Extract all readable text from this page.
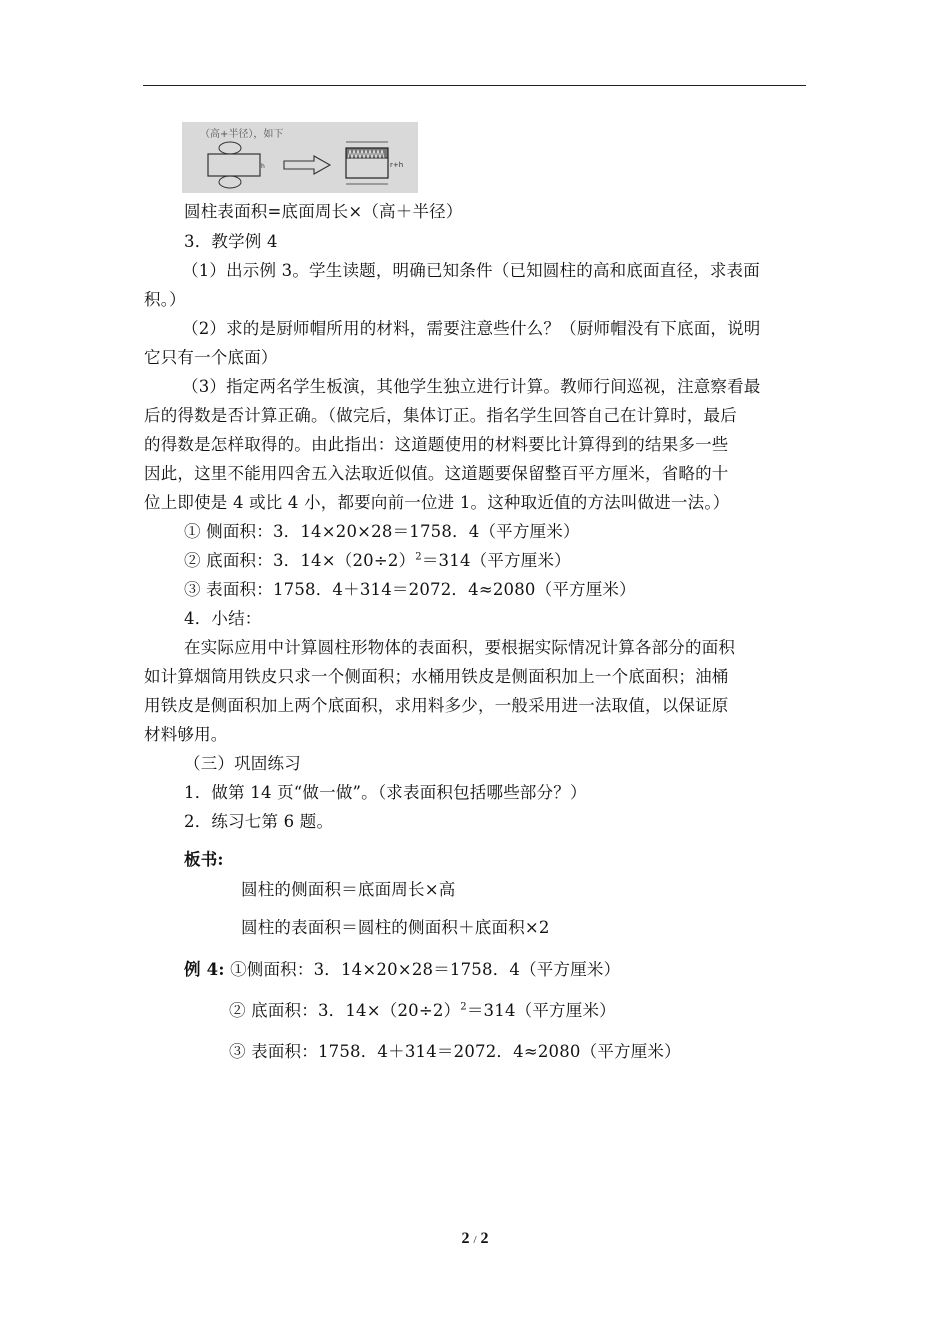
（高+半径），如下
h	r+h
圆柱表面积=底面周长×（高＋半径）
3．教学例 4
（1）出示例 3。学生读题，明确已知条件（已知圆柱的高和底面直径，求表面
积。）
（2）求的是厨师帽所用的材料，需要注意些什么？（厨师帽没有下底面，说明
它只有一个底面）
（3）指定两名学生板演，其他学生独立进行计算。教师行间巡视，注意察看最
后的得数是否计算正确。（做完后，集体订正。指名学生回答自己在计算时，最后
的得数是怎样取得的。由此指出：这道题使用的材料要比计算得到的结果多一些
因此，这里不能用四舍五入法取近似值。这道题要保留整百平方厘米，省略的十
位上即使是 4 或比 4 小，都要向前一位进 1。这种取近值的方法叫做进一法。）
① 侧面积：3．14×20×28＝1758．4（平方厘米）
② 底面积：3．$14\times(20\div 2)^2=314$（平方厘米）
③ 表面积：1758．4＋314＝2072．4≈2080（平方厘米）
4．小结：
在实际应用中计算圆柱形物体的表面积，要根据实际情况计算各部分的面积
如计算烟筒用铁皮只求一个侧面积；水桶用铁皮是侧面积加上一个底面积；油桶
用铁皮是侧面积加上两个底面积，求用料多少，一般采用进一法取值，以保证原
材料够用。
（三）巩固练习
1．做第 14 页“做一做”。（求表面积包括哪些部分？）
2．练习七第 6 题。
板书:
圆柱的侧面积＝底面周长×高
圆柱的表面积＝圆柱的侧面积＋底面积×2
例 4: ①侧面积：3．14×20×28＝1758．4（平方厘米）
② 底面积：3．$14\times(20\div 2)^2=314$（平方厘米）
③ 表面积：1758．4＋314＝2072．4≈2080（平方厘米）
2 / 2
